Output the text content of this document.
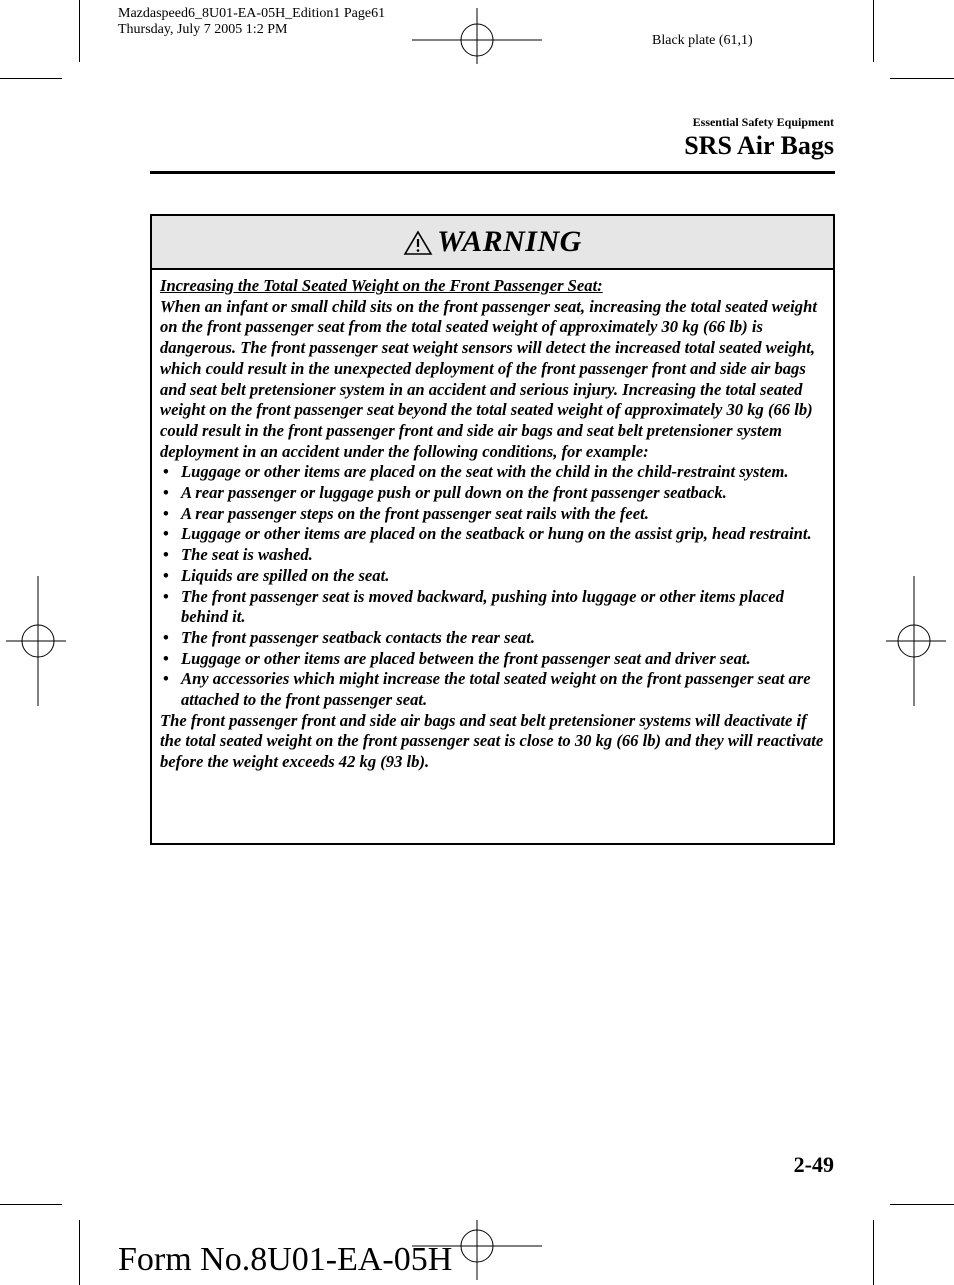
Mazdaspeed6_8U01-EA-05H_Edition1 Page61
Thursday, July 7 2005 1:2 PM
Black plate (61,1)
Essential Safety Equipment
SRS Air Bags
WARNING

Increasing the Total Seated Weight on the Front Passenger Seat:

When an infant or small child sits on the front passenger seat, increasing the total seated weight on the front passenger seat from the total seated weight of approximately 30 kg (66 lb) is dangerous. The front passenger seat weight sensors will detect the increased total seated weight, which could result in the unexpected deployment of the front passenger front and side air bags and seat belt pretensioner system in an accident and serious injury. Increasing the total seated weight on the front passenger seat beyond the total seated weight of approximately 30 kg (66 lb) could result in the front passenger front and side air bags and seat belt pretensioner system deployment in an accident under the following conditions, for example:

• Luggage or other items are placed on the seat with the child in the child-restraint system.
• A rear passenger or luggage push or pull down on the front passenger seatback.
• A rear passenger steps on the front passenger seat rails with the feet.
• Luggage or other items are placed on the seatback or hung on the assist grip, head restraint.
• The seat is washed.
• Liquids are spilled on the seat.
• The front passenger seat is moved backward, pushing into luggage or other items placed behind it.
• The front passenger seatback contacts the rear seat.
• Luggage or other items are placed between the front passenger seat and driver seat.
• Any accessories which might increase the total seated weight on the front passenger seat are attached to the front passenger seat.

The front passenger front and side air bags and seat belt pretensioner systems will deactivate if the total seated weight on the front passenger seat is close to 30 kg (66 lb) and they will reactivate before the weight exceeds 42 kg (93 lb).

2-49
Form No.8U01-EA-05H
